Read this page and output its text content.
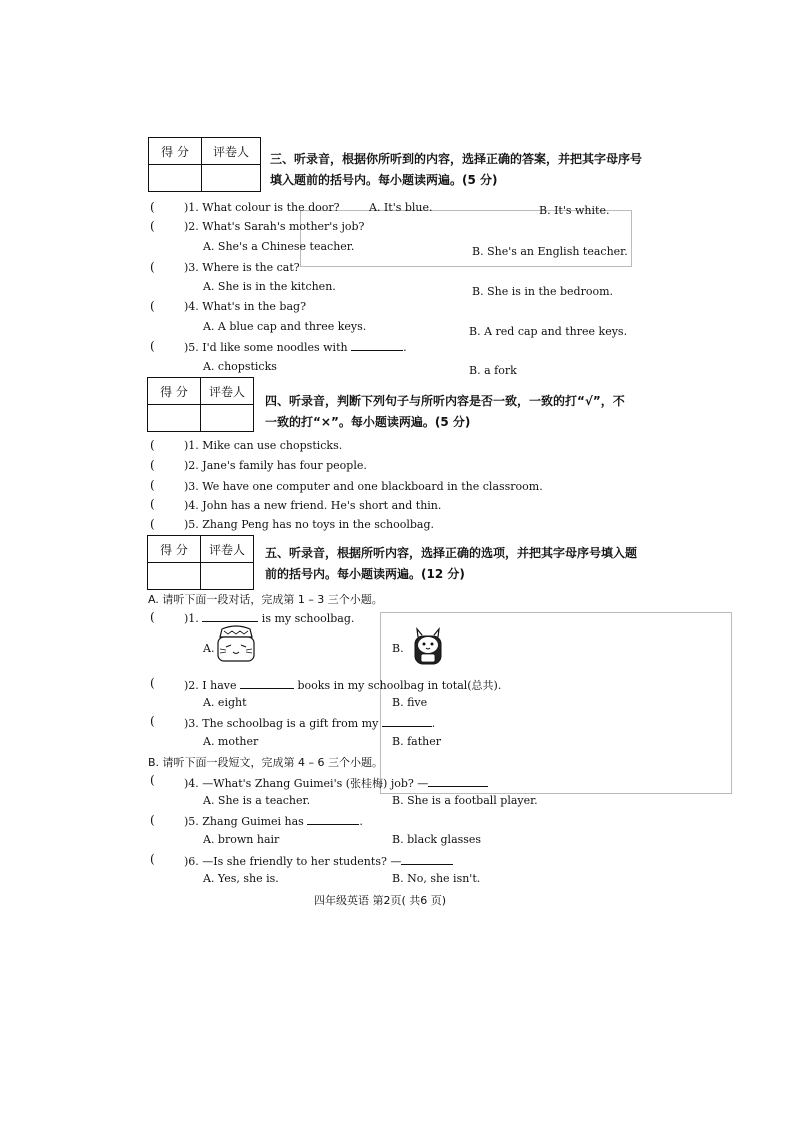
得 分	评卷人

三、听录音，根据你所听到的内容，选择正确的答案，并把其字母序号
填入题前的括号内。每小题读两遍。(5 分)
(	)1. What colour is the door?	A. It's blue.	B. It's white.
(	)2. What's Sarah's mother's job?
A. She's a Chinese teacher.	B. She's an English teacher.
(	)3. Where is the cat?
A. She is in the kitchen.	B. She is in the bedroom.
(	)4. What's in the bag?
A. A blue cap and three keys.	B. A red cap and three keys.
(	)5. I'd like some noodles with	.
A. chopsticks	B. a fork
得 分	评卷人

四、听录音，判断下列句子与所听内容是否一致，一致的打“√”，不
一致的打“×”。每小题读两遍。(5 分)
(	)1. Mike can use chopsticks.
(	)2. Jane's family has four people.
(	)3. We have one computer and one blackboard in the classroom.
(	)4. John has a new friend. He's short and thin.
(	)5. Zhang Peng has no toys in the schoolbag.
得 分	评卷人
	五、听录音，根据所听内容，选择正确的选项，并把其字母序号填入题
前的括号内。每小题读两遍。(12 分)
A. 请听下面一段对话，完成第 1 – 3 三个小题。
(	)1.	is my schoolbag.
A.	B.
(	)2. I have	books in my schoolbag in total(总共).
A. eight	B. five
(	)3. The schoolbag is a gift from my	.
A. mother	B. father
B. 请听下面一段短文，完成第 4 – 6 三个小题。
(	)4. —What's Zhang Guimei's (张桂梅) job? —
A. She is a teacher.	B. She is a football player.
(	)5. Zhang Guimei has	.
A. brown hair	B. black glasses
(	)6. —Is she friendly to her students? —
A. Yes, she is.	B. No, she isn't.
四年级英语 第2页( 共6 页)
